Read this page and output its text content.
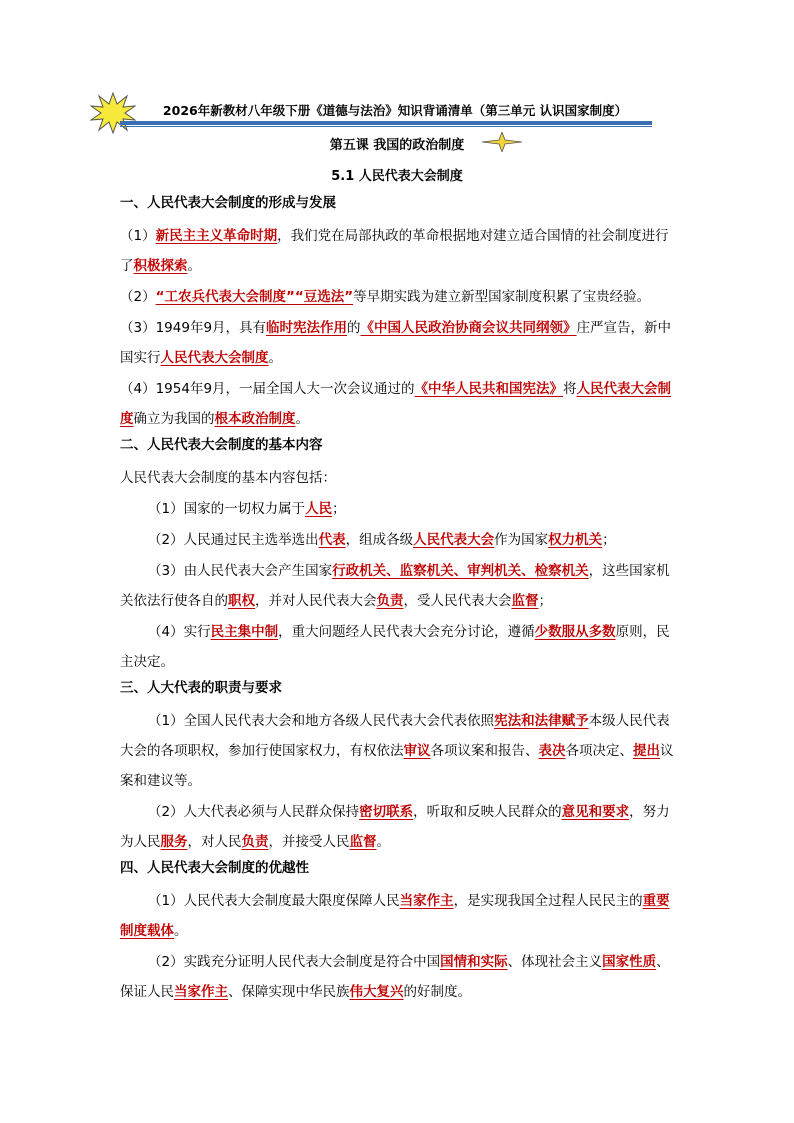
2026年新教材八年级下册《道德与法治》知识背诵清单（第三单元 认识国家制度）
第五课 我国的政治制度
5.1 人民代表大会制度
一、人民代表大会制度的形成与发展
（1）新民主主义革命时期，我们党在局部执政的革命根据地对建立适合国情的社会制度进行了积极探索。
（2）“工农兵代表大会制度”“豆选法”等早期实践为建立新型国家制度积累了宝贵经验。
（3）1949年9月，具有临时宪法作用的《中国人民政治协商会议共同纲领》庄严宣告，新中国实行人民代表大会制度。
（4）1954年9月，一届全国人大一次会议通过的《中华人民共和国宪法》将人民代表大会制度确立为我国的根本政治制度。
二、人民代表大会制度的基本内容
人民代表大会制度的基本内容包括：
（1）国家的一切权力属于人民；
（2）人民通过民主选举选出代表，组成各级人民代表大会作为国家权力机关；
（3）由人民代表大会产生国家行政机关、监察机关、审判机关、检察机关，这些国家机关依法行使各自的职权，并对人民代表大会负责，受人民代表大会监督；
（4）实行民主集中制，重大问题经人民代表大会充分讨论，遵循少数服从多数原则，民主决定。
三、人大代表的职责与要求
（1）全国人民代表大会和地方各级人民代表大会代表依照宪法和法律赋予本级人民代表大会的各项职权，参加行使国家权力，有权依法审议各项议案和报告、表决各项决定、提出议案和建议等。
（2）人大代表必须与人民群众保持密切联系，听取和反映人民群众的意见和要求，努力为人民服务，对人民负责，并接受人民监督。
四、人民代表大会制度的优越性
（1）人民代表大会制度最大限度保障人民当家作主，是实现我国全过程人民民主的重要制度载体。
（2）实践充分证明人民代表大会制度是符合中国国情和实际、体现社会主义国家性质、保证人民当家作主、保障实现中华民族伟大复兴的好制度。
